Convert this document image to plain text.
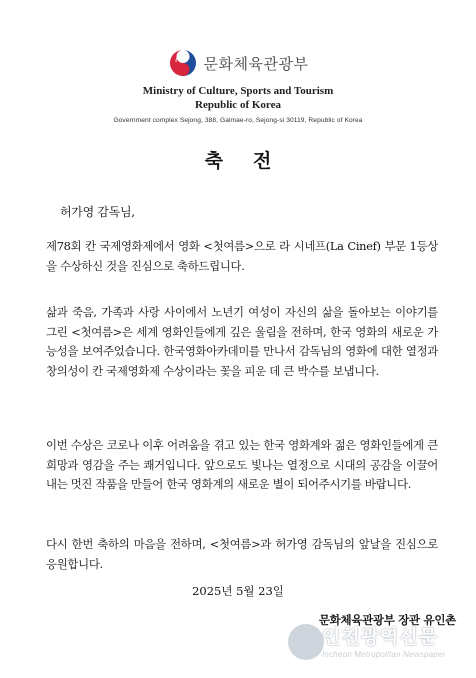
문화체육관광부
Ministry of Culture, Sports and Tourism
Republic of Korea
Government complex Sejong, 388, Galmae-ro, Sejong-si 30119, Republic of Korea
축전
허가영 감독님,
제78회 칸 국제영화제에서 영화 <첫여름>으로 라 시네프(La Cinef) 부문 1등상을 수상하신 것을 진심으로 축하드립니다.
삶과 죽음, 가족과 사랑 사이에서 노년기 여성이 자신의 삶을 돌아보는 이야기를 그린 <첫여름>은 세계 영화인들에게 깊은 울림을 전하며, 한국 영화의 새로운 가능성을 보여주었습니다. 한국영화아카데미를 만나서 감독님의 영화에 대한 열정과 창의성이 칸 국제영화제 수상이라는 꽃을 피운 데 큰 박수를 보냅니다.
이번 수상은 코로나 이후 어려움을 겪고 있는 한국 영화계와 젊은 영화인들에게 큰 희망과 영감을 주는 쾌거입니다. 앞으로도 빛나는 열정으로 시대의 공감을 이끌어 내는 멋진 작품을 만들어 한국 영화계의 새로운 별이 되어주시기를 바랍니다.
다시 한번 축하의 마음을 전하며, <첫여름>과 허가영 감독님의 앞날을 진심으로 응원합니다.
2025년 5월 23일
문화체육관광부 장관 유인촌
인천광역신문
Incheon Metropolitan Newspaper
